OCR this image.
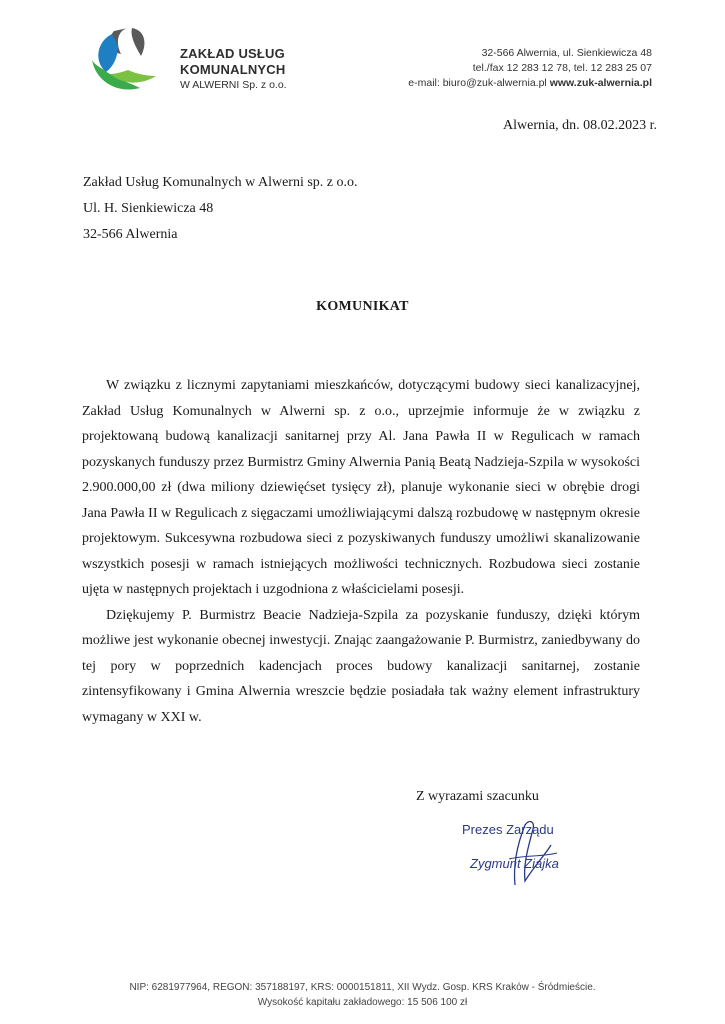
ZAKŁAD USŁUG
KOMUNALNYCH
W ALWERNI Sp. z o.o.
32-566 Alwernia, ul. Sienkiewicza 48
tel./fax 12 283 12 78, tel. 12 283 25 07
e-mail: biuro@zuk-alwernia.pl www.zuk-alwernia.pl
Alwernia, dn. 08.02.2023 r.
Zakład Usług Komunalnych w Alwerni sp. z o.o.
Ul. H. Sienkiewicza 48
32-566 Alwernia
KOMUNIKAT

W związku z licznymi zapytaniami mieszkańców, dotyczącymi budowy sieci kanalizacyjnej, Zakład Usług Komunalnych w Alwerni sp. z o.o., uprzejmie informuje że w związku z projektowaną budową kanalizacji sanitarnej przy Al. Jana Pawła II w Regulicach w ramach pozyskanych funduszy przez Burmistrz Gminy Alwernia Panią Beatą Nadzieja-Szpila w wysokości 2.900.000,00 zł (dwa miliony dziewięćset tysięcy zł), planuje wykonanie sieci w obrębie drogi Jana Pawła II w Regulicach z sięgaczami umożliwiającymi dalszą rozbudowę w następnym okresie projektowym. Sukcesywna rozbudowa sieci z pozyskiwanych funduszy umożliwi skanalizowanie wszystkich posesji w ramach istniejących możliwości technicznych. Rozbudowa sieci zostanie ujęta w następnych projektach i uzgodniona z właścicielami posesji.

Dziękujemy P. Burmistrz Beacie Nadzieja-Szpila za pozyskanie funduszy, dzięki którym możliwe jest wykonanie obecnej inwestycji. Znając zaangażowanie P. Burmistrz, zaniedbywany do tej pory w poprzednich kadencjach proces budowy kanalizacji sanitarnej, zostanie zintensyfikowany i Gmina Alwernia wreszcie będzie posiadała tak ważny element infrastruktury wymagany w XXI w.

Z wyrazami szacunku
Prezes Zarządu
Zygmunt Ziajka
NIP: 6281977964, REGON: 357188197, KRS: 0000151811, XII Wydz. Gosp. KRS Kraków - Śródmieście.
Wysokość kapitału zakładowego: 15 506 100 zł
